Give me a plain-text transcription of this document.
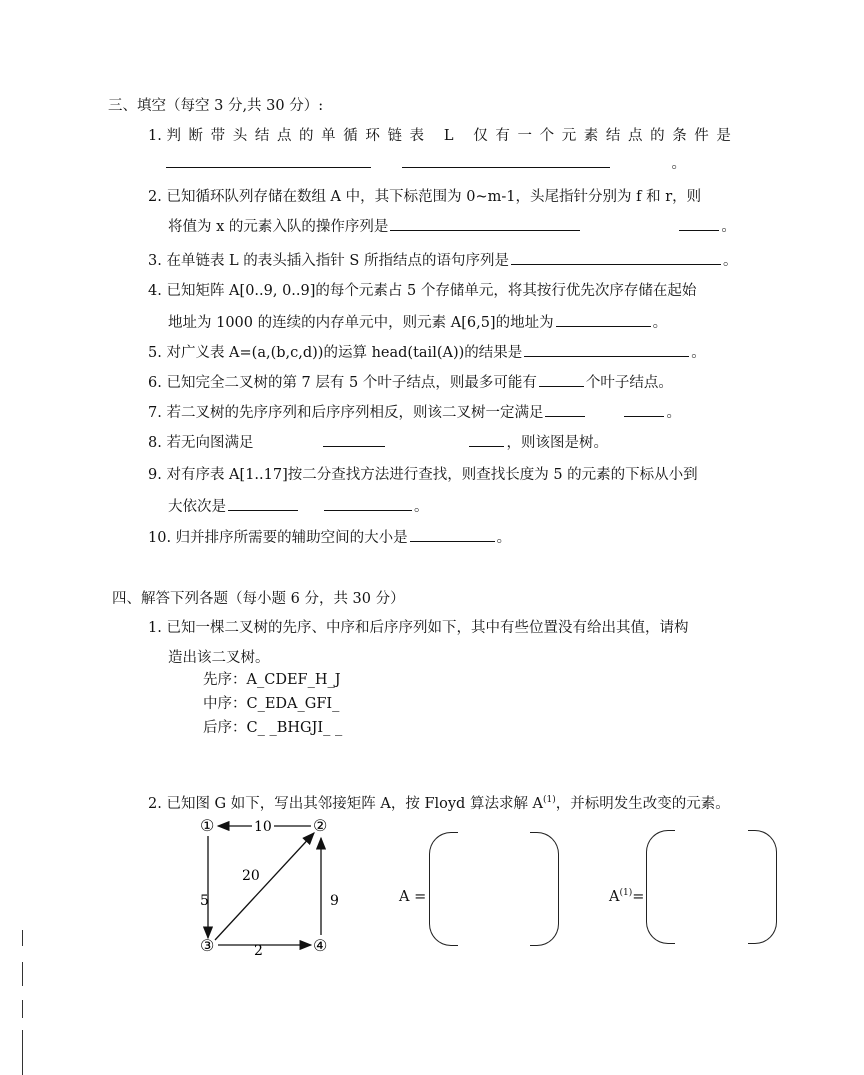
三、填空（每空 3 分,共 30 分）:
1. 判断带头结点的单循环链表 L 仅有一个元素结点的条件是
。
2. 已知循环队列存储在数组 A 中，其下标范围为 0~m-1，头尾指针分别为 f 和 r，则
将值为 x 的元素入队的操作序列是	。
3. 在单链表 L 的表头插入指针 S 所指结点的语句序列是	。
4. 已知矩阵 A[0..9, 0..9]的每个元素占 5 个存储单元，将其按行优先次序存储在起始
地址为 1000 的连续的内存单元中，则元素 A[6,5]的地址为	。
5. 对广义表 A=(a,(b,c,d))的运算 head(tail(A))的结果是	。
6. 已知完全二叉树的第 7 层有 5 个叶子结点，则最多可能有	个叶子结点。
7. 若二叉树的先序序列和后序序列相反，则该二叉树一定满足	。
8. 若无向图满足	，则该图是树。
9. 对有序表 A[1..17]按二分查找方法进行查找，则查找长度为 5 的元素的下标从小到
大依次是	。
10. 归并排序所需要的辅助空间的大小是	。
四、解答下列各题（每小题 6 分，共 30 分）
1. 已知一棵二叉树的先序、中序和后序序列如下，其中有些位置没有给出其值，请构
造出该二叉树。
先序：A_CDEF_H_J
中序：C_EDA_GFI_
后序：C_ _BHGJI_ _
2. 已知图 G 如下，写出其邻接矩阵 A，按 Floyd 算法求解 $A^{(1)}$，并标明发生改变的元素。
10
5
20
2
9
①	②
③	④
A =	$A^{(1)}=$
